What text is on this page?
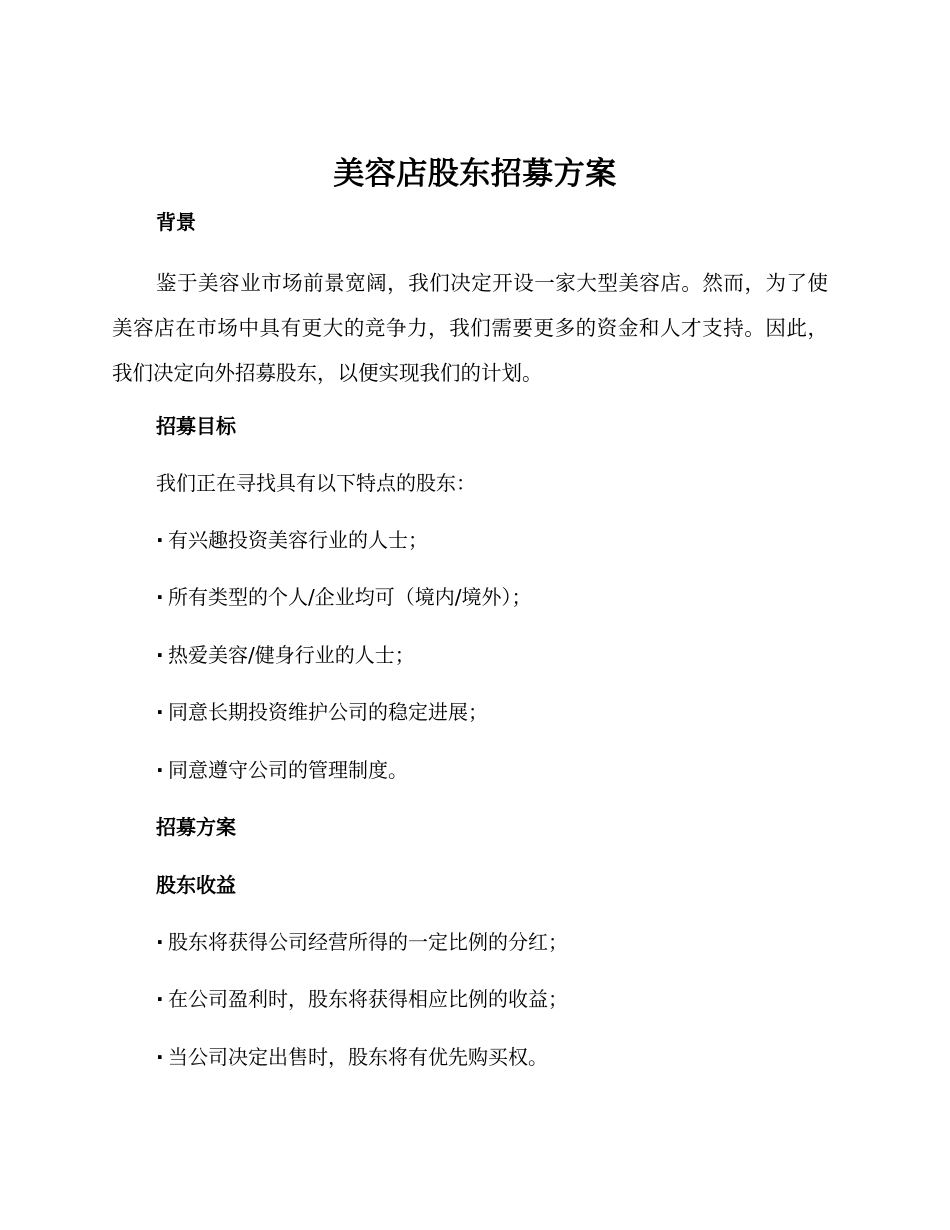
美容店股东招募方案
背景

鉴于美容业市场前景宽阔，我们决定开设一家大型美容店。然而，为了使美容店在市场中具有更大的竞争力，我们需要更多的资金和人才支持。因此，我们决定向外招募股东，以便实现我们的计划。

招募目标
我们正在寻找具有以下特点的股东：
· 有兴趣投资美容行业的人士；
· 所有类型的个人/企业均可（境内/境外）；
· 热爱美容/健身行业的人士；
· 同意长期投资维护公司的稳定进展；
· 同意遵守公司的管理制度。
招募方案
股东收益
· 股东将获得公司经营所得的一定比例的分红；
· 在公司盈利时，股东将获得相应比例的收益；
· 当公司决定出售时，股东将有优先购买权。
